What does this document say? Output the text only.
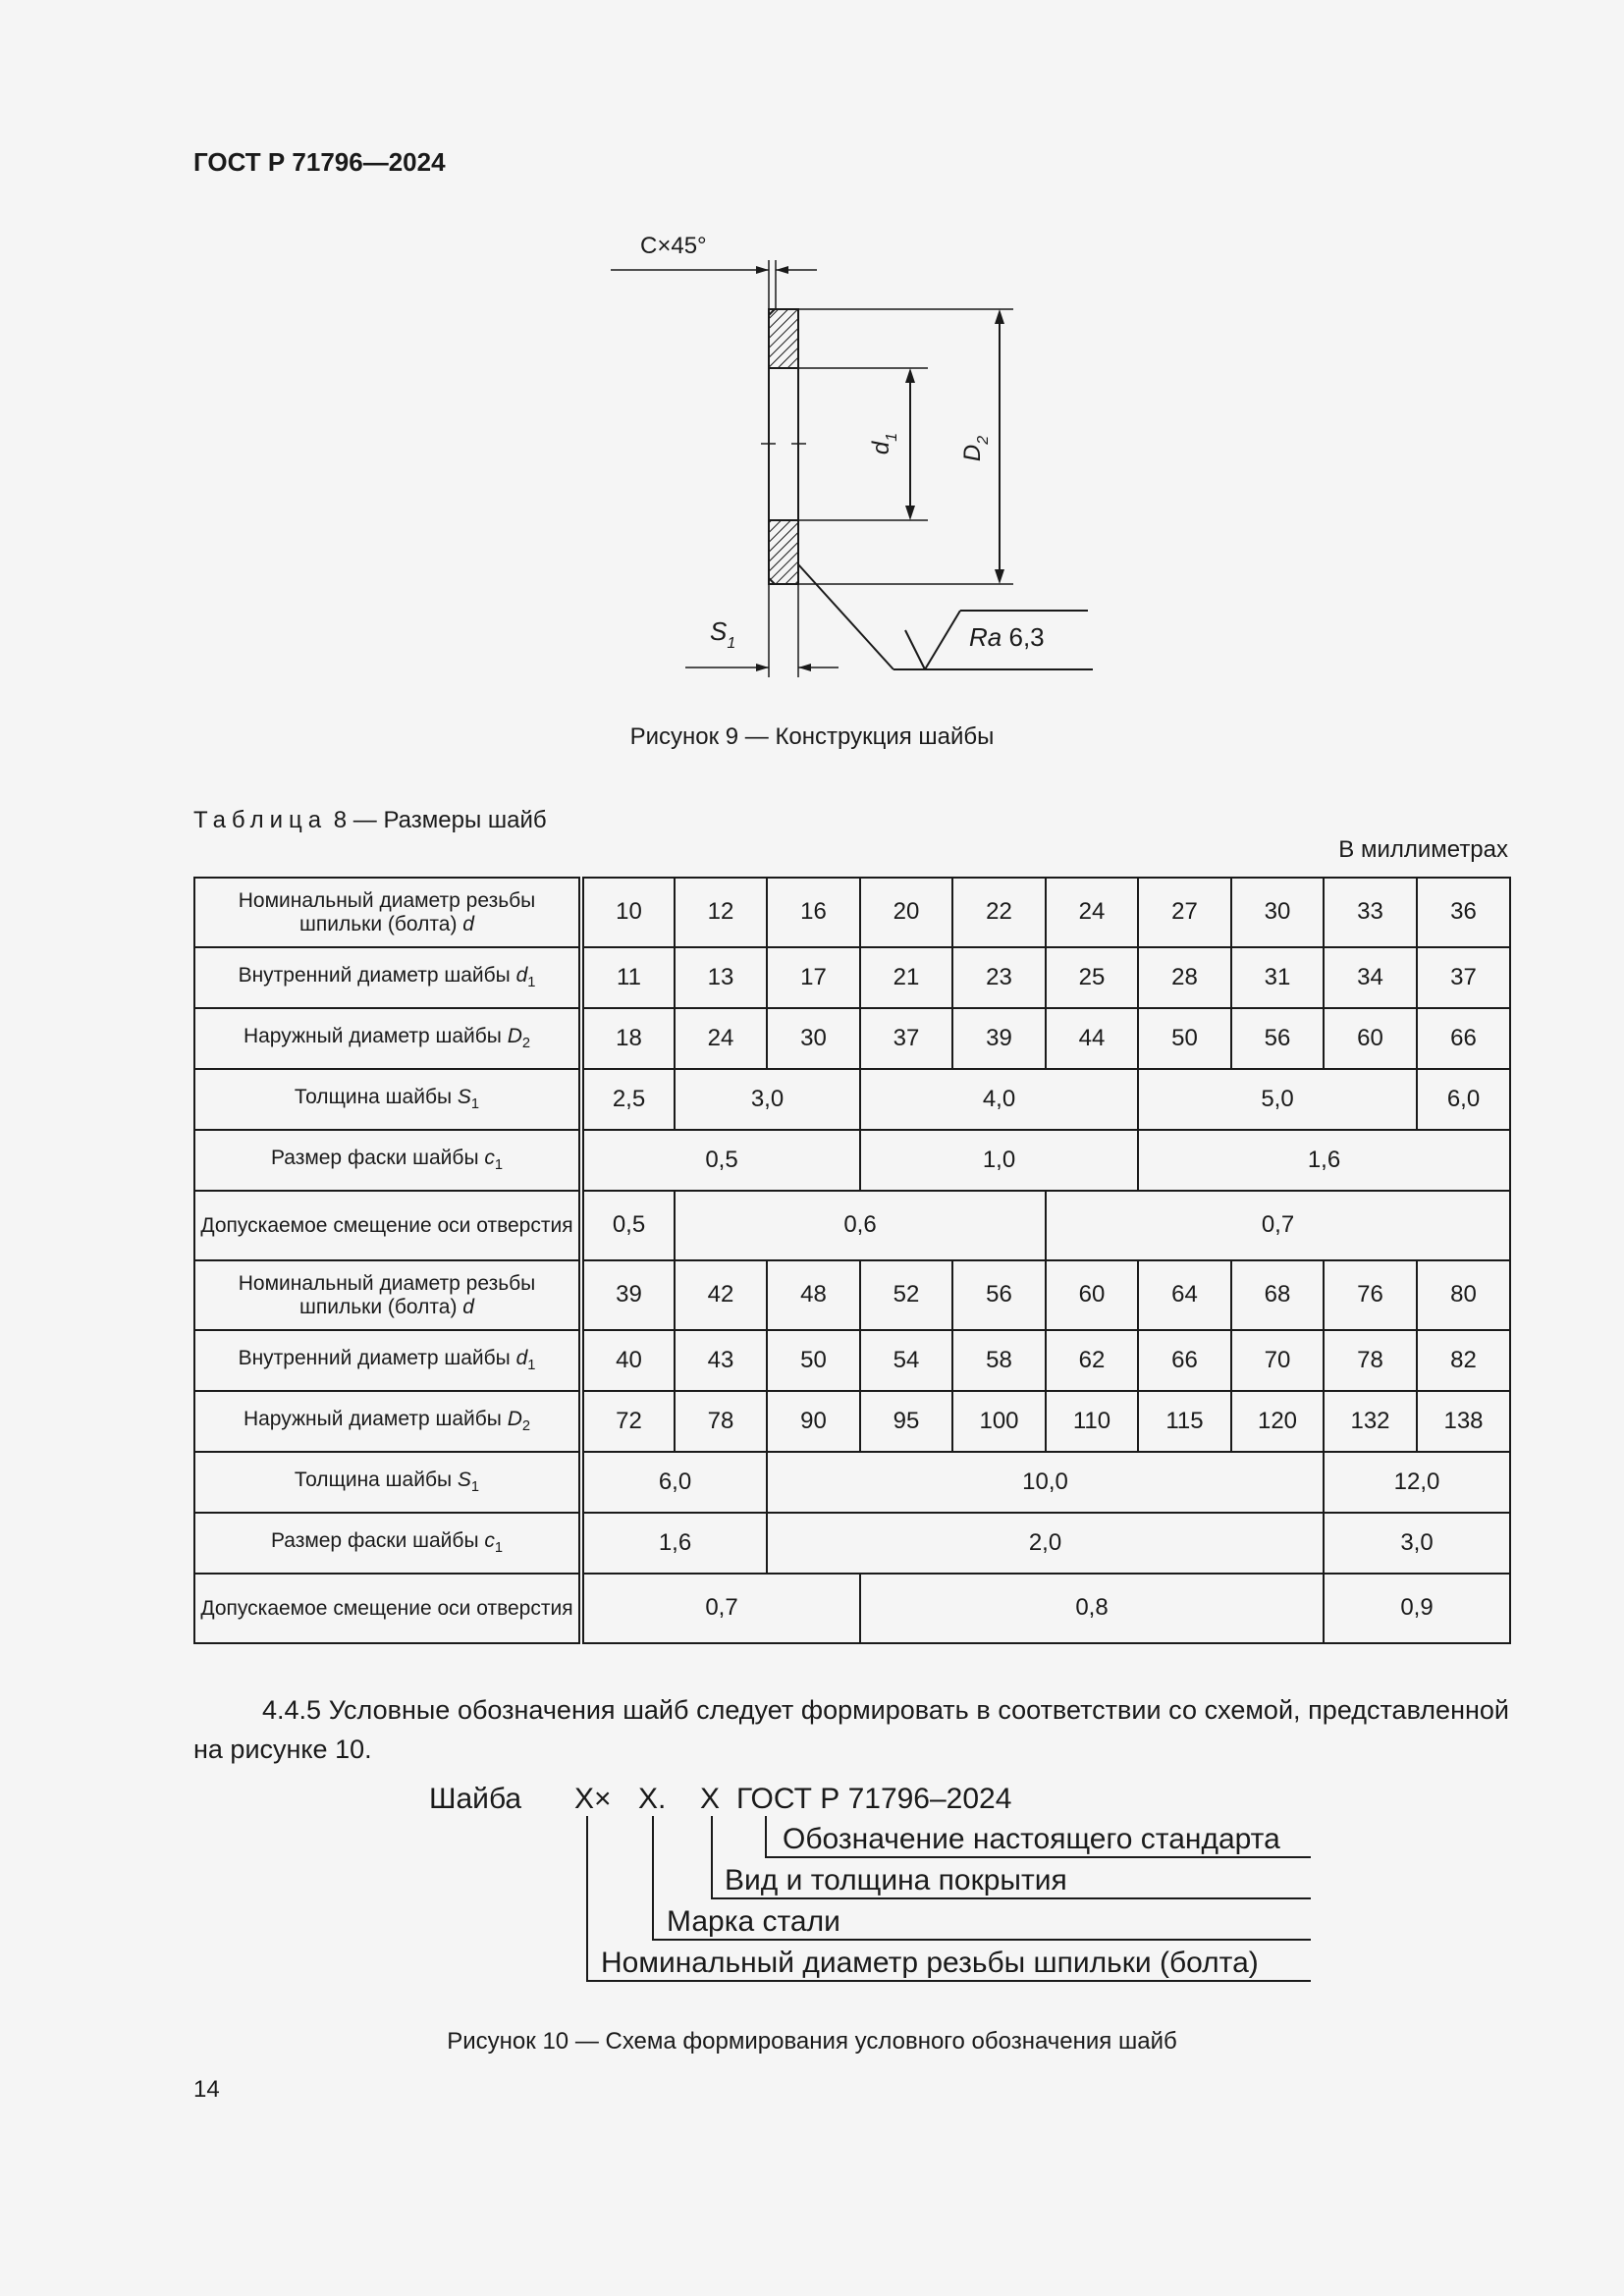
ГОСТ Р 71796—2024
C×45°
$d_1$
$D_2$
$S_1$	Ra 6,3
Рисунок 9 — Конструкция шайбы
Таблица 8 — Размеры шайб
В миллиметрах
Номинальный диаметр резьбы шпильки (болта) d	10	12	16	20	22	24	27	30	33	36
Внутренний диаметр шайбы $d_1$	11	13	17	21	23	25	28	31	34	37
Наружный диаметр шайбы $D_2$	18	24	30	37	39	44	50	56	60	66
Толщина шайбы $S_1$	2,5	3,0		4,0			5,0			6,0
Размер фаски шайбы $c_1$	0,5			1,0			1,6			
Допускаемое смещение оси отверстия	0,5	0,6				0,7				
Номинальный диаметр резьбы шпильки (болта) d	39	42	48	52	56	60	64	68	76	80
Внутренний диаметр шайбы $d_1$	40	43	50	54	58	62	66	70	78	82
Наружный диаметр шайбы $D_2$	72	78	90	95	100	110	115	120	132	138
Толщина шайбы $S_1$	6,0		10,0						12,0	
Размер фаски шайбы $c_1$	1,6		2,0						3,0	
Допускаемое смещение оси отверстия	0,7			0,8					0,9	
4.4.5 Условные обозначения шайб следует формировать в соответствии со схемой, представленной на рисунке 10.
Шайба X× X. X ГОСТ Р 71796–2024
Обозначение настоящего стандарта
Вид и толщина покрытия
Марка стали
Номинальный диаметр резьбы шпильки (болта)
Рисунок 10 — Схема формирования условного обозначения шайб
14
